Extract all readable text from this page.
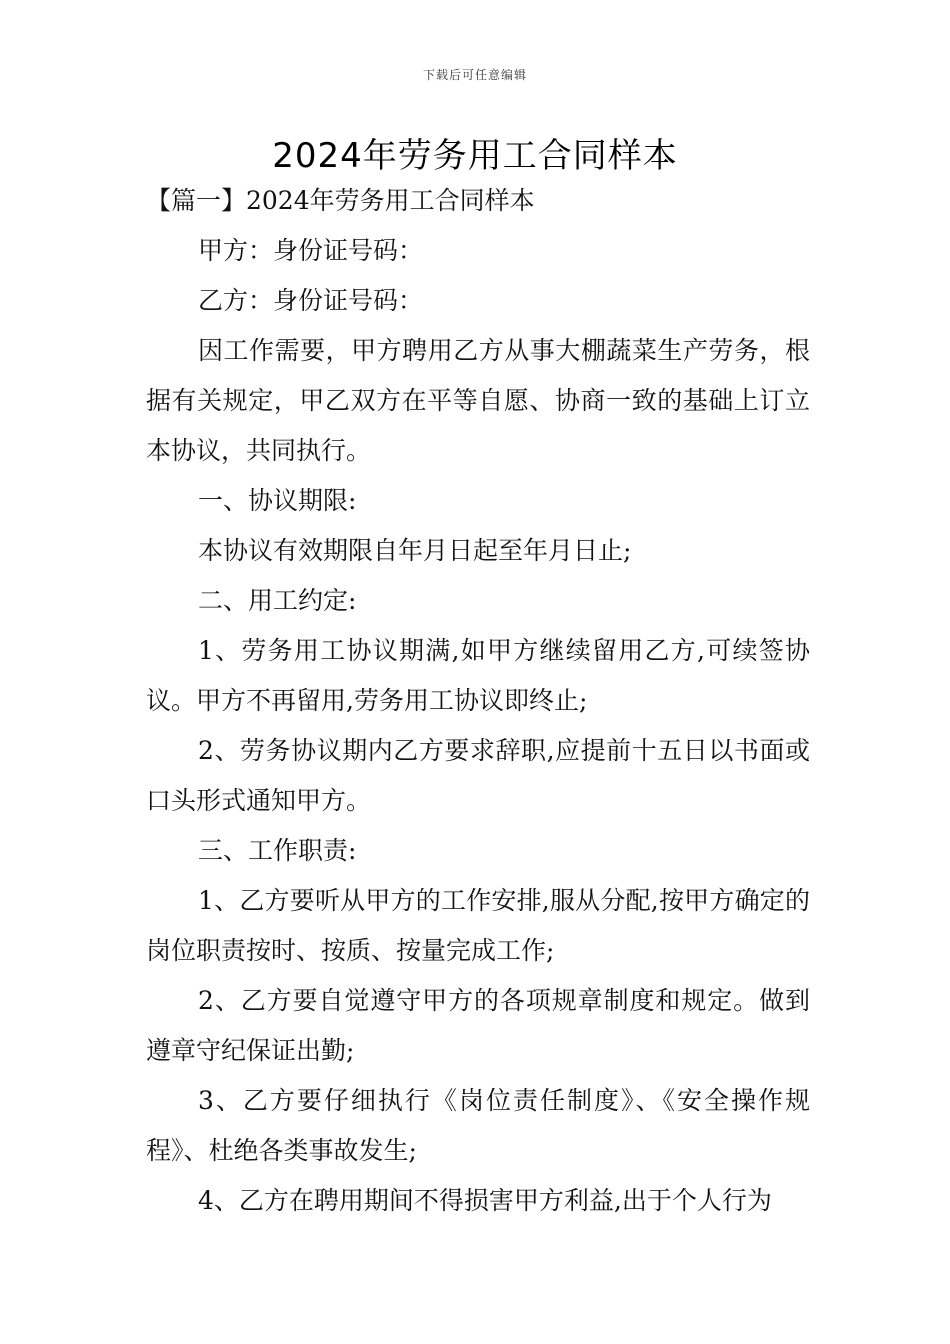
下载后可任意编辑
2024年劳务用工合同样本

【篇一】2024年劳务用工合同样本

甲方：身份证号码：

乙方：身份证号码：

因工作需要，甲方聘用乙方从事大棚蔬菜生产劳务，根据有关规定，甲乙双方在平等自愿、协商一致的基础上订立本协议，共同执行。

一、协议期限:

本协议有效期限自年月日起至年月日止;

二、用工约定:

1、劳务用工协议期满,如甲方继续留用乙方,可续签协议。甲方不再留用,劳务用工协议即终止;

2、劳务协议期内乙方要求辞职,应提前十五日以书面或口头形式通知甲方。

三、工作职责:

1、乙方要听从甲方的工作安排,服从分配,按甲方确定的岗位职责按时、按质、按量完成工作;

2、乙方要自觉遵守甲方的各项规章制度和规定。做到遵章守纪保证出勤;

3、乙方要仔细执行《岗位责任制度》、《安全操作规程》、杜绝各类事故发生;

4、乙方在聘用期间不得损害甲方利益,出于个人行为
